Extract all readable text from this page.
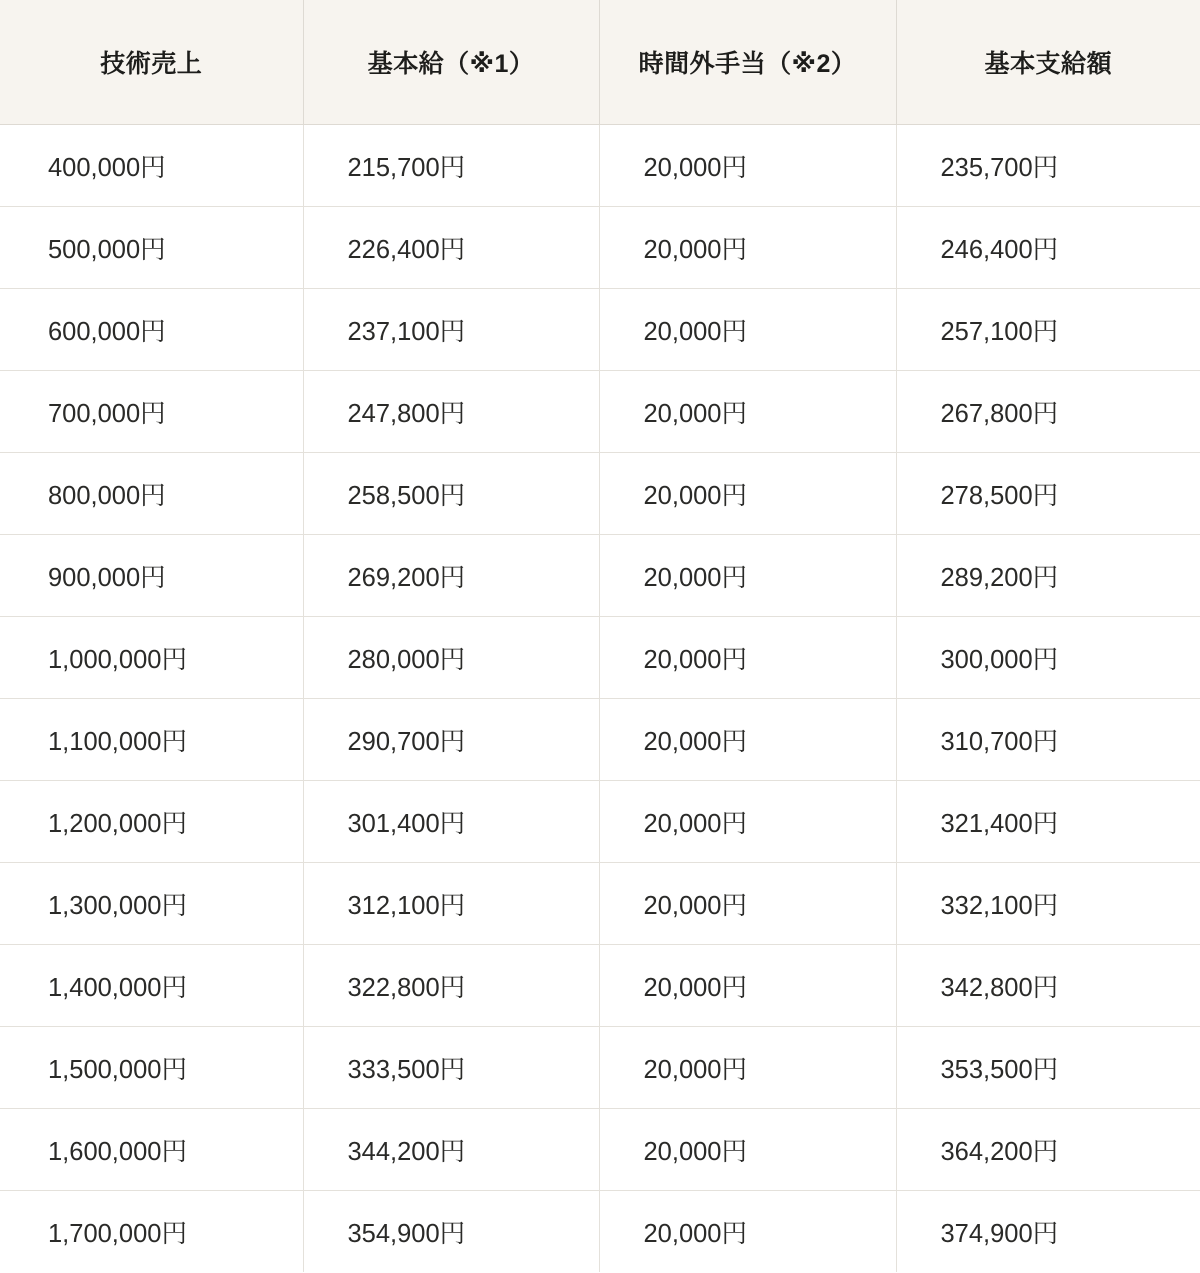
技術売上	基本給（※1）	時間外手当（※2）	基本支給額
400,000円	215,700円	20,000円	235,700円
500,000円	226,400円	20,000円	246,400円
600,000円	237,100円	20,000円	257,100円
700,000円	247,800円	20,000円	267,800円
800,000円	258,500円	20,000円	278,500円
900,000円	269,200円	20,000円	289,200円
1,000,000円	280,000円	20,000円	300,000円
1,100,000円	290,700円	20,000円	310,700円
1,200,000円	301,400円	20,000円	321,400円
1,300,000円	312,100円	20,000円	332,100円
1,400,000円	322,800円	20,000円	342,800円
1,500,000円	333,500円	20,000円	353,500円
1,600,000円	344,200円	20,000円	364,200円
1,700,000円	354,900円	20,000円	374,900円
